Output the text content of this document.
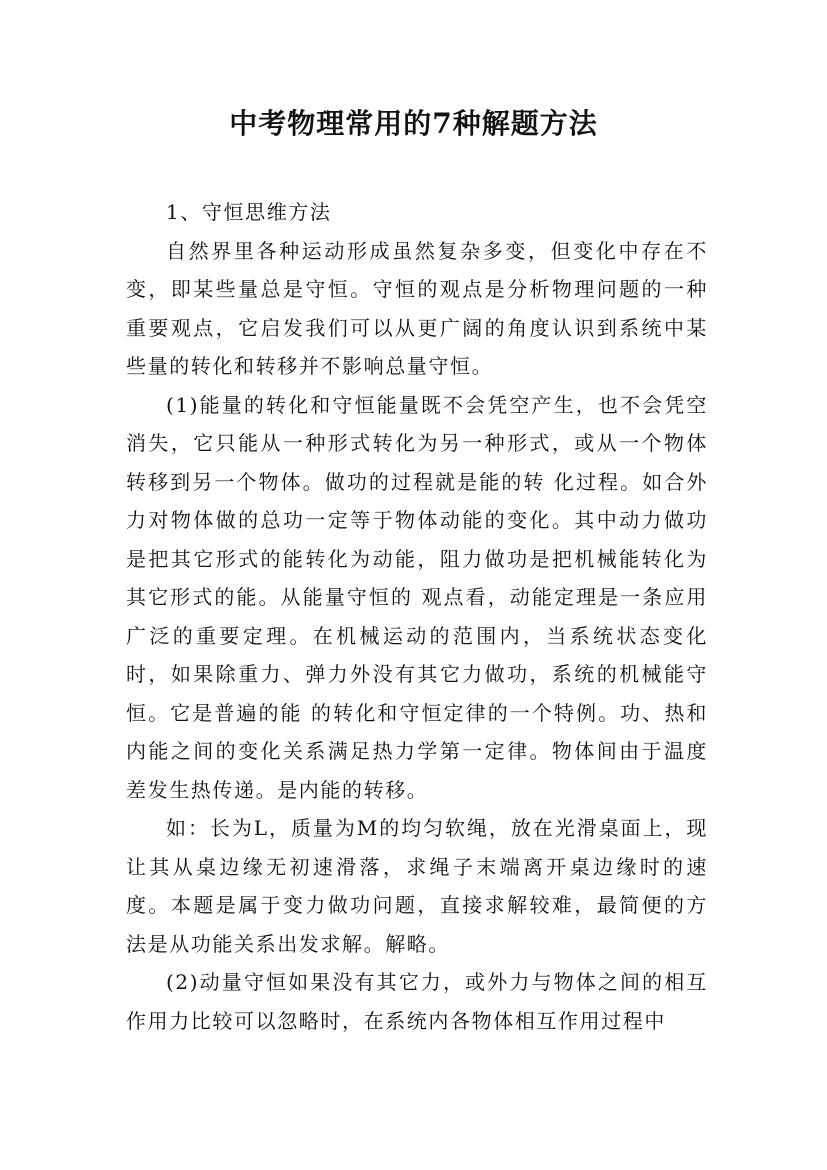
中考物理常用的7种解题方法

1、守恒思维方法

自然界里各种运动形成虽然复杂多变，但变化中存在不变，即某些量总是守恒。守恒的观点是分析物理问题的一种重要观点，它启发我们可以从更广阔的角度认识到系统中某些量的转化和转移并不影响总量守恒。

(1)能量的转化和守恒能量既不会凭空产生，也不会凭空消失，它只能从一种形式转化为另一种形式，或从一个物体转移到另一个物体。做功的过程就是能的转 化过程。如合外力对物体做的总功一定等于物体动能的变化。其中动力做功是把其它形式的能转化为动能，阻力做功是把机械能转化为其它形式的能。从能量守恒的 观点看，动能定理是一条应用广泛的重要定理。在机械运动的范围内，当系统状态变化时，如果除重力、弹力外没有其它力做功，系统的机械能守恒。它是普遍的能 的转化和守恒定律的一个特例。功、热和内能之间的变化关系满足热力学第一定律。物体间由于温度差发生热传递。是内能的转移。

如：长为L，质量为M的均匀软绳，放在光滑桌面上，现让其从桌边缘无初速滑落，求绳子末端离开桌边缘时的速度。本题是属于变力做功问题，直接求解较难，最简便的方法是从功能关系出发求解。解略。

(2)动量守恒如果没有其它力，或外力与物体之间的相互作用力比较可以忽略时，在系统内各物体相互作用过程中
